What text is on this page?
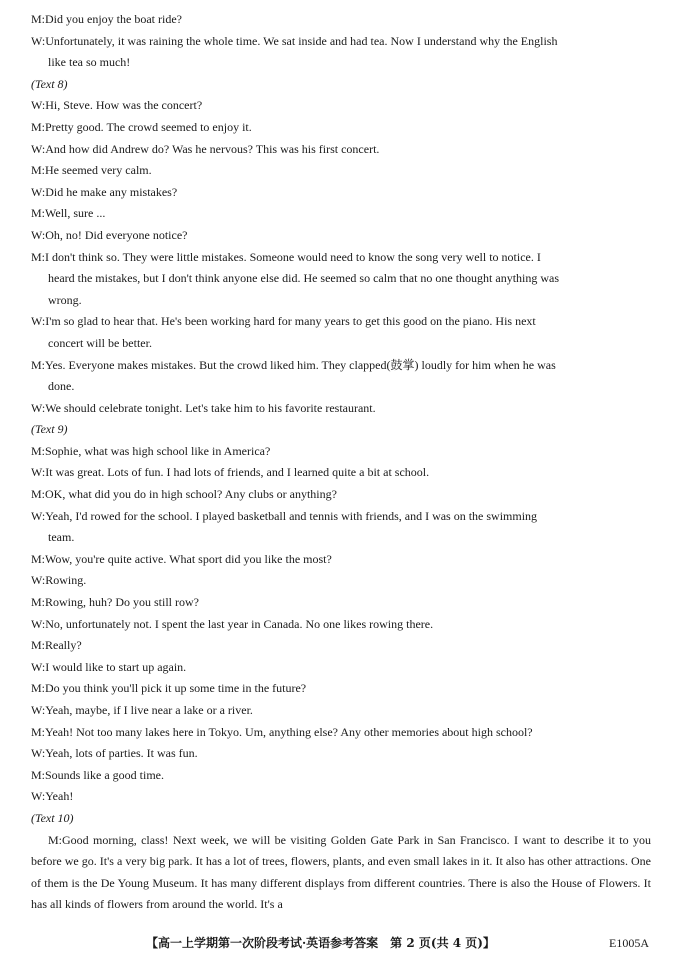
M:Did you enjoy the boat ride?
W:Unfortunately, it was raining the whole time. We sat inside and had tea. Now I understand why the English
like tea so much!
(Text 8)
W:Hi, Steve. How was the concert?
M:Pretty good. The crowd seemed to enjoy it.
W:And how did Andrew do? Was he nervous? This was his first concert.
M:He seemed very calm.
W:Did he make any mistakes?
M:Well, sure ...
W:Oh, no! Did everyone notice?
M:I don't think so. They were little mistakes. Someone would need to know the song very well to notice. I
heard the mistakes, but I don't think anyone else did. He seemed so calm that no one thought anything was
wrong.
W:I'm so glad to hear that. He's been working hard for many years to get this good on the piano. His next
concert will be better.
M:Yes. Everyone makes mistakes. But the crowd liked him. They clapped(鼓掌) loudly for him when he was
done.
W:We should celebrate tonight. Let's take him to his favorite restaurant.
(Text 9)
M:Sophie, what was high school like in America?
W:It was great. Lots of fun. I had lots of friends, and I learned quite a bit at school.
M:OK, what did you do in high school? Any clubs or anything?
W:Yeah, I'd rowed for the school. I played basketball and tennis with friends, and I was on the swimming
team.
M:Wow, you're quite active. What sport did you like the most?
W:Rowing.
M:Rowing, huh? Do you still row?
W:No, unfortunately not. I spent the last year in Canada. No one likes rowing there.
M:Really?
W:I would like to start up again.
M:Do you think you'll pick it up some time in the future?
W:Yeah, maybe, if I live near a lake or a river.
M:Yeah! Not too many lakes here in Tokyo. Um, anything else? Any other memories about high school?
W:Yeah, lots of parties. It was fun.
M:Sounds like a good time.
W:Yeah!
(Text 10)

M:Good morning, class! Next week, we will be visiting Golden Gate Park in San Francisco. I want to describe it to you before we go. It's a very big park. It has a lot of trees, flowers, plants, and even small lakes in it. It also has other attractions. One of them is the De Young Museum. It has many different displays from different countries. There is also the House of Flowers. It has all kinds of flowers from around the world. It's a

【高一上学期第一次阶段考试·英语参考答案　第 2 页(共 4 页)】	E1005A
